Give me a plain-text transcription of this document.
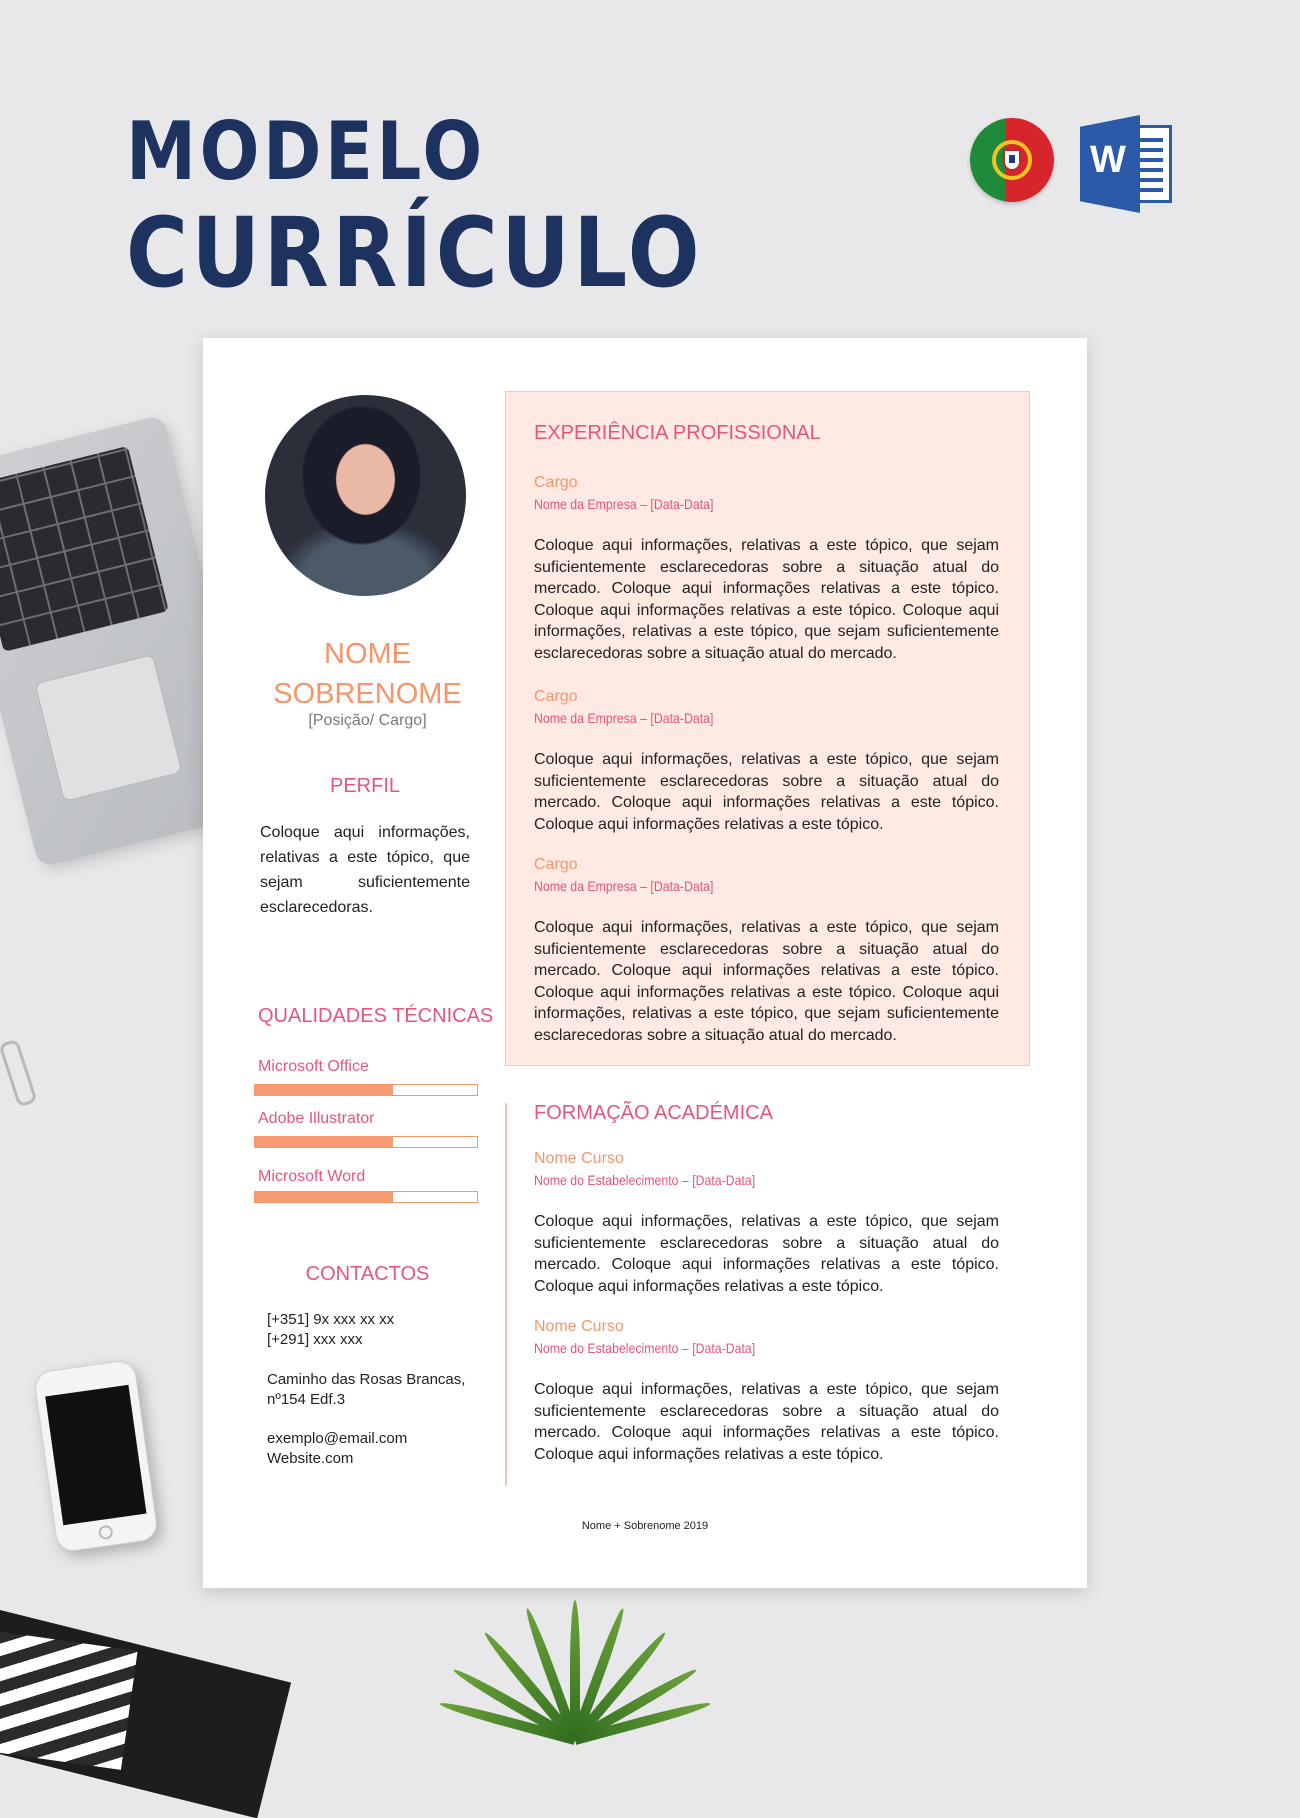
MODELO
CURRÍCULO
W
NOME
SOBRENOME
[Posição/ Cargo]
PERFIL
Coloque aqui informações, relativas a este tópico, que sejam suficientemente esclarecedoras.
QUALIDADES TÉCNICAS
Microsoft Office
Adobe Illustrator
Microsoft Word
CONTACTOS
[+351] 9x xxx xx xx
[+291] xxx xxx
Caminho das Rosas Brancas,
nº154 Edf.3
exemplo@email.com
Website.com
EXPERIÊNCIA PROFISSIONAL
Cargo
Nome da Empresa – [Data-Data]
Coloque aqui informações, relativas a este tópico, que sejam suficientemente esclarecedoras sobre a situação atual do mercado. Coloque aqui informações relativas a este tópico. Coloque aqui informações relativas a este tópico. Coloque aqui informações, relativas a este tópico, que sejam suficientemente esclarecedoras sobre a situação atual do mercado.
Cargo
Nome da Empresa – [Data-Data]
Coloque aqui informações, relativas a este tópico, que sejam suficientemente esclarecedoras sobre a situação atual do mercado. Coloque aqui informações relativas a este tópico. Coloque aqui informações relativas a este tópico.
Cargo
Nome da Empresa – [Data-Data]
Coloque aqui informações, relativas a este tópico, que sejam suficientemente esclarecedoras sobre a situação atual do mercado. Coloque aqui informações relativas a este tópico. Coloque aqui informações relativas a este tópico. Coloque aqui informações, relativas a este tópico, que sejam suficientemente esclarecedoras sobre a situação atual do mercado.
FORMAÇÃO ACADÉMICA
Nome Curso
Nome do Estabelecimento – [Data-Data]
Coloque aqui informações, relativas a este tópico, que sejam suficientemente esclarecedoras sobre a situação atual do mercado. Coloque aqui informações relativas a este tópico. Coloque aqui informações relativas a este tópico.
Nome Curso
Nome do Estabelecimento – [Data-Data]
Coloque aqui informações, relativas a este tópico, que sejam suficientemente esclarecedoras sobre a situação atual do mercado. Coloque aqui informações relativas a este tópico. Coloque aqui informações relativas a este tópico.
Nome + Sobrenome 2019
